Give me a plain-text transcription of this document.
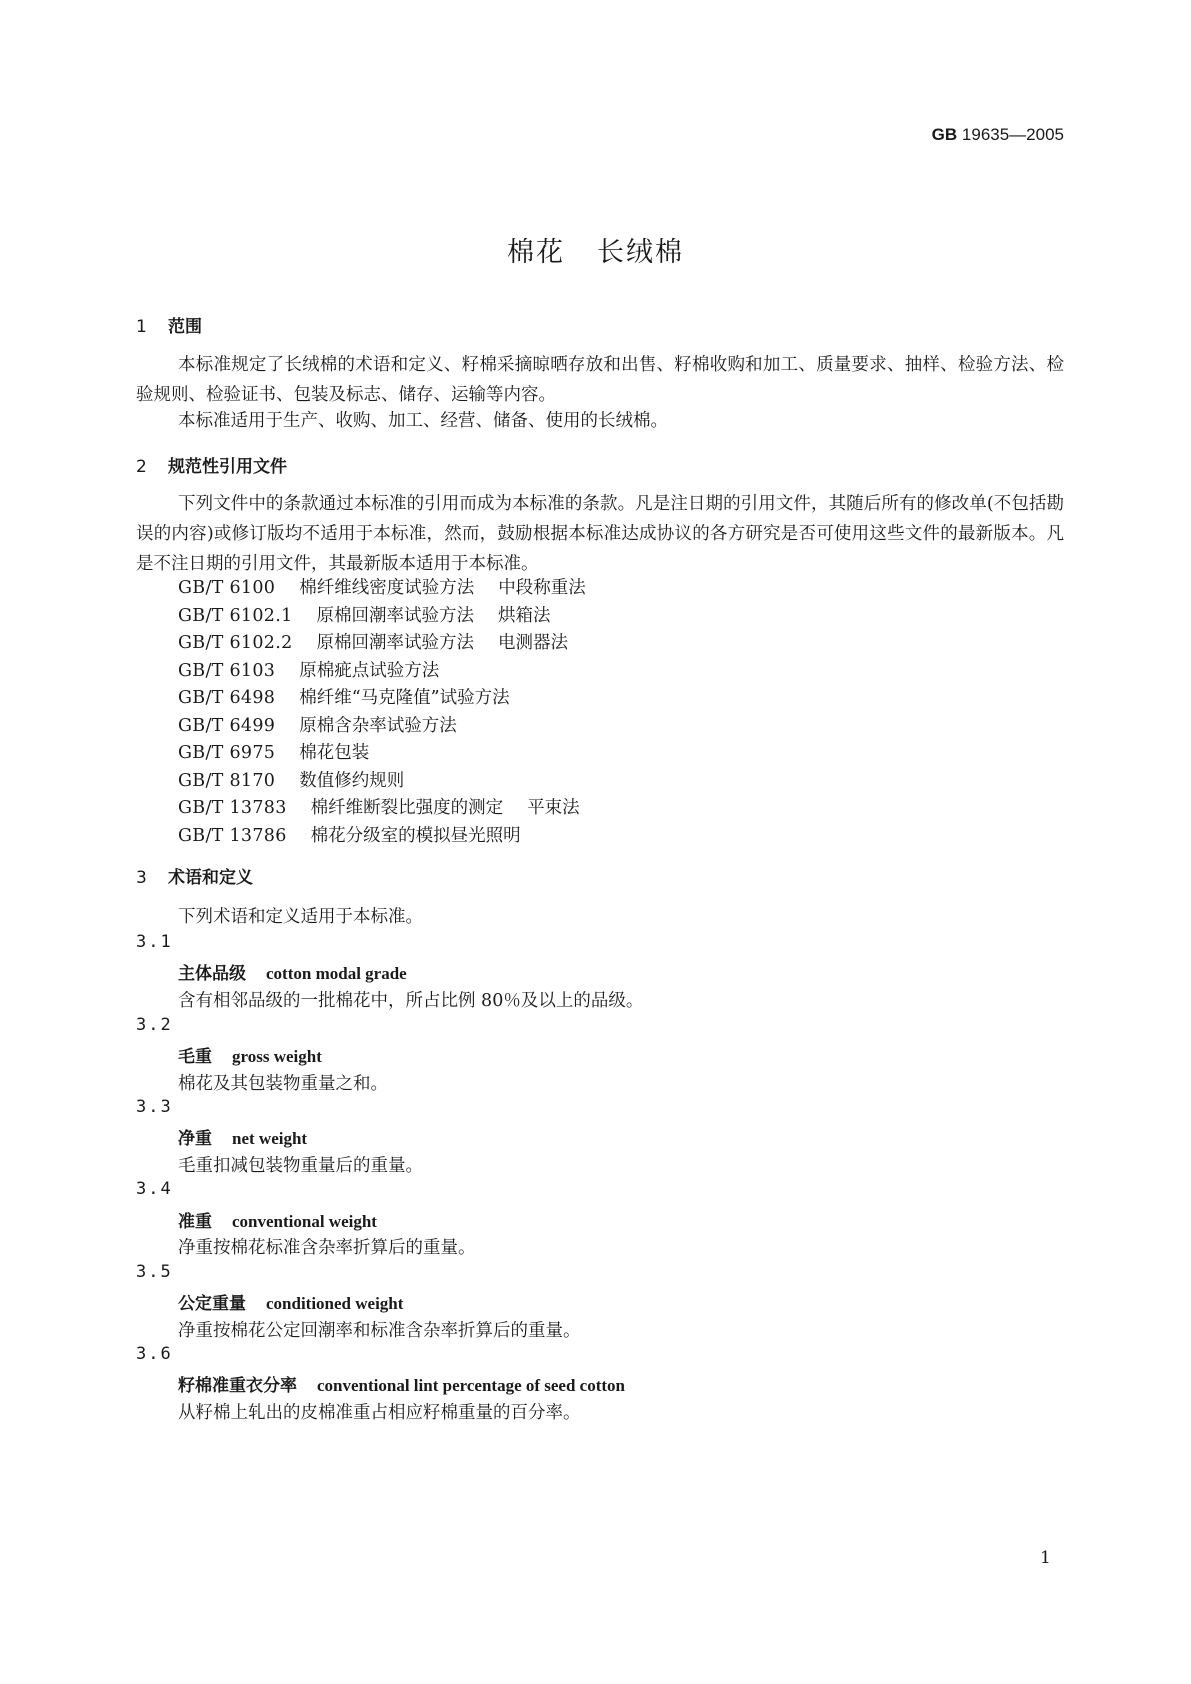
GB 19635—2005
棉花 长绒棉
1 范围
本标准规定了长绒棉的术语和定义、籽棉采摘晾晒存放和出售、籽棉收购和加工、质量要求、抽样、检验方法、检验规则、检验证书、包装及标志、储存、运输等内容。
本标准适用于生产、收购、加工、经营、储备、使用的长绒棉。
2 规范性引用文件
下列文件中的条款通过本标准的引用而成为本标准的条款。凡是注日期的引用文件，其随后所有的修改单(不包括勘误的内容)或修订版均不适用于本标准，然而，鼓励根据本标准达成协议的各方研究是否可使用这些文件的最新版本。凡是不注日期的引用文件，其最新版本适用于本标准。
GB/T 6100 棉纤维线密度试验方法 中段称重法
GB/T 6102.1 原棉回潮率试验方法 烘箱法
GB/T 6102.2 原棉回潮率试验方法 电测器法
GB/T 6103 原棉疵点试验方法
GB/T 6498 棉纤维“马克隆值”试验方法
GB/T 6499 原棉含杂率试验方法
GB/T 6975 棉花包装
GB/T 8170 数值修约规则
GB/T 13783 棉纤维断裂比强度的测定 平束法
GB/T 13786 棉花分级室的模拟昼光照明
3 术语和定义
下列术语和定义适用于本标准。
3.1
主体品级 cotton modal grade
含有相邻品级的一批棉花中，所占比例 80％及以上的品级。
3.2
毛重 gross weight
棉花及其包装物重量之和。
3.3
净重 net weight
毛重扣减包装物重量后的重量。
3.4
准重 conventional weight
净重按棉花标准含杂率折算后的重量。
3.5
公定重量 conditioned weight
净重按棉花公定回潮率和标准含杂率折算后的重量。
3.6
籽棉准重衣分率 conventional lint percentage of seed cotton
从籽棉上轧出的皮棉准重占相应籽棉重量的百分率。
1
